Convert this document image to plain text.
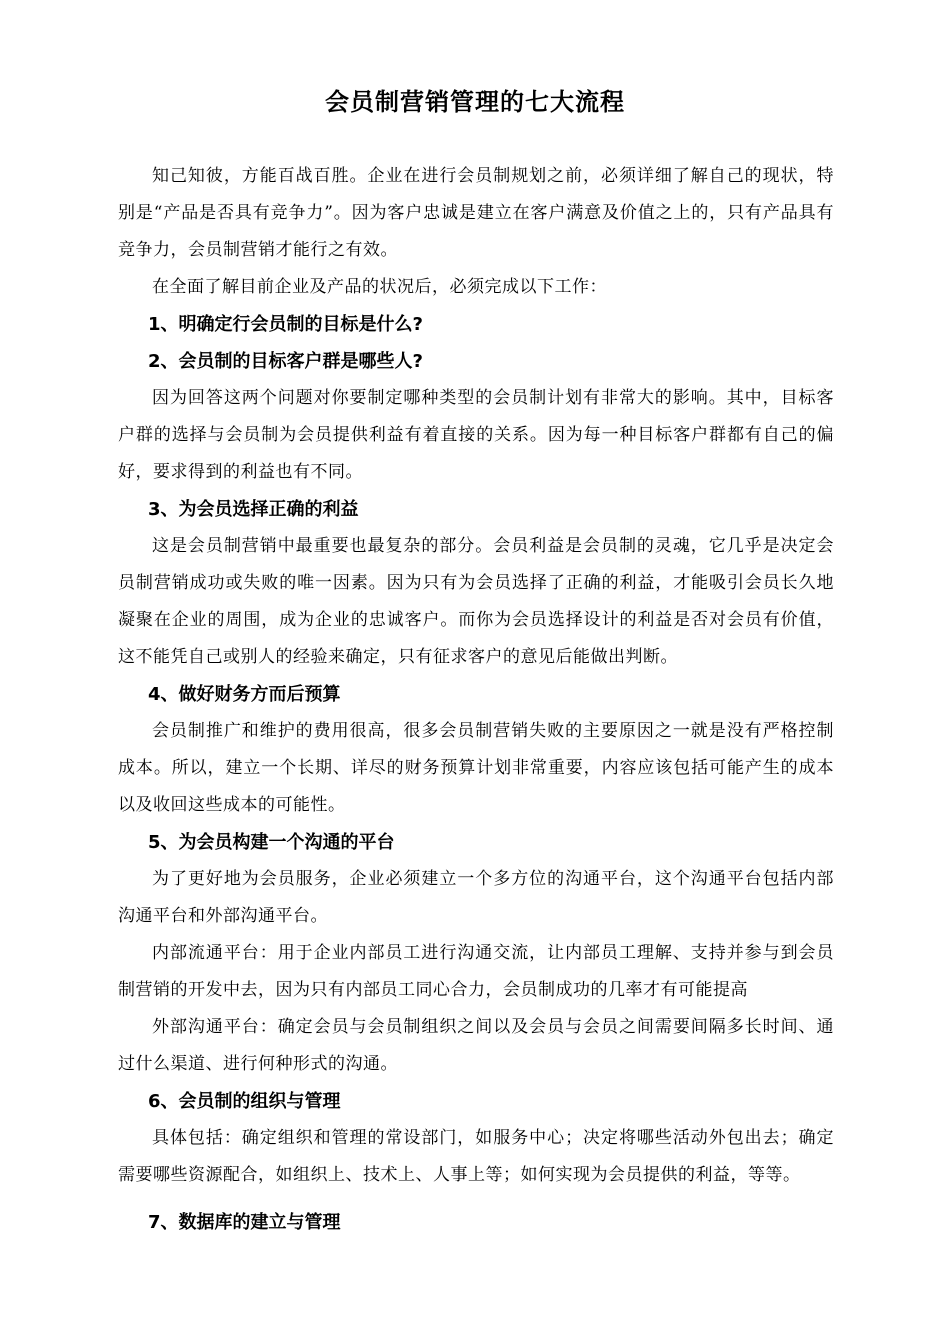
会员制营销管理的七大流程

知己知彼，方能百战百胜。企业在进行会员制规划之前，必须详细了解自己的现状，特别是“产品是否具有竞争力”。因为客户忠诚是建立在客户满意及价值之上的，只有产品具有竞争力，会员制营销才能行之有效。

在全面了解目前企业及产品的状况后，必须完成以下工作：

1、明确定行会员制的目标是什么?
2、会员制的目标客户群是哪些人?

因为回答这两个问题对你要制定哪种类型的会员制计划有非常大的影响。其中，目标客户群的选择与会员制为会员提供利益有着直接的关系。因为每一种目标客户群都有自己的偏好，要求得到的利益也有不同。

3、为会员选择正确的利益

这是会员制营销中最重要也最复杂的部分。会员利益是会员制的灵魂，它几乎是决定会员制营销成功或失败的唯一因素。因为只有为会员选择了正确的利益，才能吸引会员长久地凝聚在企业的周围，成为企业的忠诚客户。而你为会员选择设计的利益是否对会员有价值，这不能凭自己或别人的经验来确定，只有征求客户的意见后能做出判断。

4、做好财务方而后预算

会员制推广和维护的费用很高，很多会员制营销失败的主要原因之一就是没有严格控制成本。所以，建立一个长期、详尽的财务预算计划非常重要，内容应该包括可能产生的成本以及收回这些成本的可能性。

5、为会员构建一个沟通的平台

为了更好地为会员服务，企业必须建立一个多方位的沟通平台，这个沟通平台包括内部沟通平台和外部沟通平台。

内部流通平台：用于企业内部员工进行沟通交流，让内部员工理解、支持并参与到会员制营销的开发中去，因为只有内部员工同心合力，会员制成功的几率才有可能提高

外部沟通平台：确定会员与会员制组织之间以及会员与会员之间需要间隔多长时间、通过什么渠道、进行何种形式的沟通。

6、会员制的组织与管理

具体包括：确定组织和管理的常设部门，如服务中心；决定将哪些活动外包出去；确定需要哪些资源配合，如组织上、技术上、人事上等；如何实现为会员提供的利益，等等。

7、数据库的建立与管理
